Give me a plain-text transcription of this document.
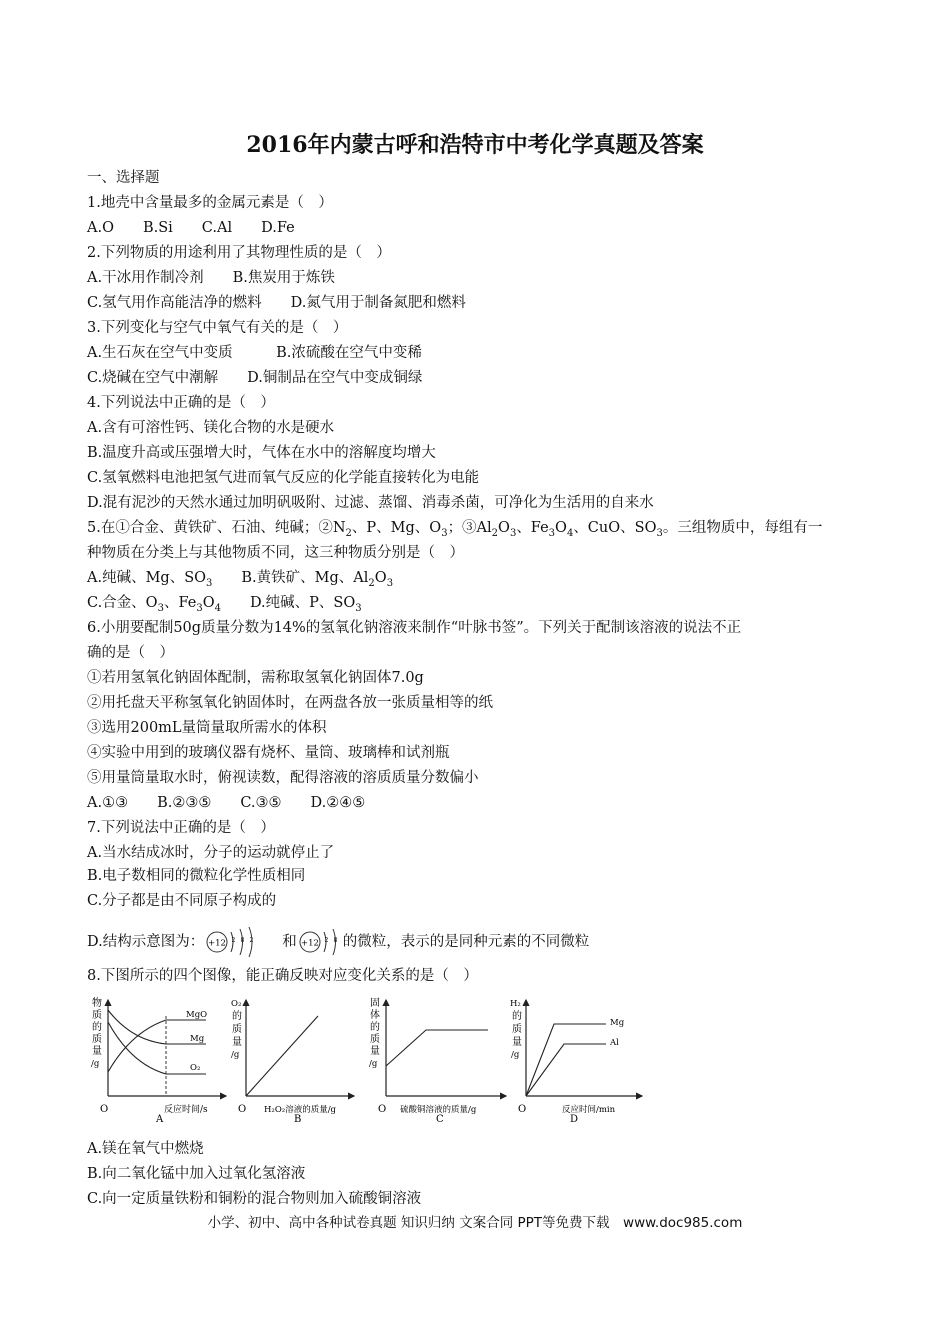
2016年内蒙古呼和浩特市中考化学真题及答案
一、选择题
1.地壳中含量最多的金属元素是（　）
A.O　　B.Si　　C.Al　　D.Fe
2.下列物质的用途利用了其物理性质的是（　）
A.干冰用作制冷剂　　B.焦炭用于炼铁
C.氢气用作高能洁净的燃料　　D.氮气用于制备氮肥和燃料
3.下列变化与空气中氧气有关的是（　）
A.生石灰在空气中变质　　　B.浓硫酸在空气中变稀
C.烧碱在空气中潮解　　D.铜制品在空气中变成铜绿
4.下列说法中正确的是（　）
A.含有可溶性钙、镁化合物的水是硬水
B.温度升高或压强增大时，气体在水中的溶解度均增大
C.氢氧燃料电池把氢气进而氧气反应的化学能直接转化为电能
D.混有泥沙的天然水通过加明矾吸附、过滤、蒸馏、消毒杀菌，可净化为生活用的自来水
5.在①合金、黄铁矿、石油、纯碱；$②N_2$、P、Mg、$O_3$；$③Al_2O_3$、$Fe_3O_4$、CuO、$SO_3$。三组物质中，每组有一
种物质在分类上与其他物质不同，这三种物质分别是（　）
A.纯碱、Mg、$SO_3$　　B.黄铁矿、Mg、$Al_2O_3$
C.合金、$O_3$、$Fe_3O_4$　　D.纯碱、P、$SO_3$
6.小朋要配制50g质量分数为14%的氢氧化钠溶液来制作“叶脉书签”。下列关于配制该溶液的说法不正
确的是（　）
①若用氢氧化钠固体配制，需称取氢氧化钠固体7.0g
②用托盘天平称氢氧化钠固体时，在两盘各放一张质量相等的纸
③选用200mL量筒量取所需水的体积
④实验中用到的玻璃仪器有烧杯、量筒、玻璃棒和试剂瓶
⑤用量筒量取水时，俯视读数，配得溶液的溶质质量分数偏小
A.①③　　B.②③⑤　　C.③⑤　　D.②④⑤
7.下列说法中正确的是（　）
A.当水结成冰时，分子的运动就停止了
B.电子数相同的微粒化学性质相同
C.分子都是由不同原子构成的
D.结构示意图为： +12 2 8 2 和 +12 2 8 的微粒，表示的是同种元素的不同微粒
8.下图所示的四个图像，能正确反映对应变化关系的是（　）
物
质
的
质
量
/g
O	反应时间/s
MgO
Mg
O₂
A
O₂
的
质
量
/g
O H₂O₂溶液的质量/g
B
固
体
的
质
量
/g
O 硫酸铜溶液的质量/g
C
H₂
的
质
量
/g
O	反应时间/min
Mg
Al
D
A.镁在氧气中燃烧
B.向二氧化锰中加入过氧化氢溶液
C.向一定质量铁粉和铜粉的混合物则加入硫酸铜溶液
小学、初中、高中各种试卷真题 知识归纳 文案合同 PPT等免费下载　www.doc985.com
